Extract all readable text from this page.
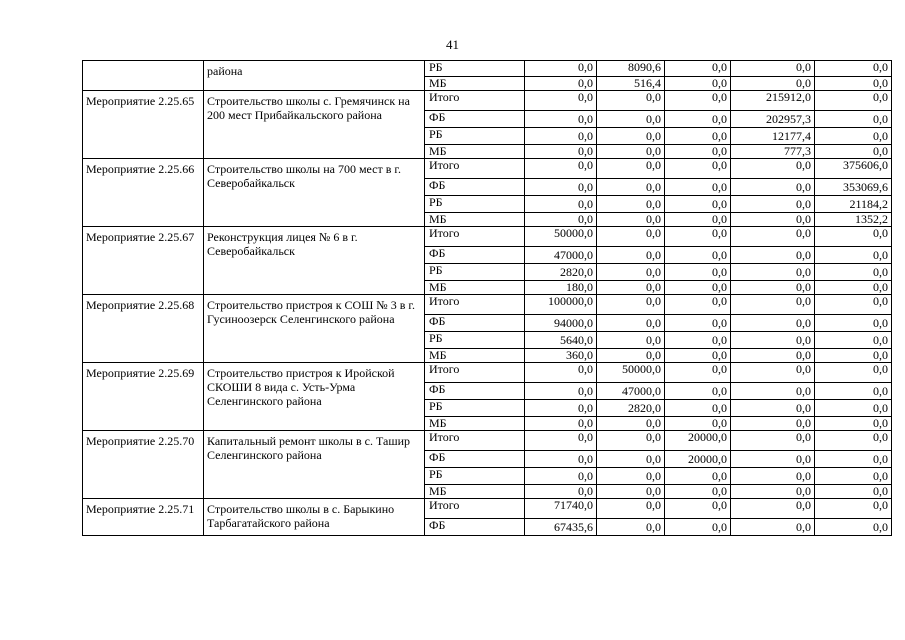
41
	района	РБ	0,0	8090,6	0,0	0,0	0,0
		МБ	0,0	516,4	0,0	0,0	0,0
Мероприятие 2.25.65	Строительство школы с. Гремячинск на 200 мест Прибайкальского района	Итого	0,0	0,0	0,0	215912,0	0,0
		ФБ	0,0	0,0	0,0	202957,3	0,0
		РБ	0,0	0,0	0,0	12177,4	0,0
		МБ	0,0	0,0	0,0	777,3	0,0
Мероприятие 2.25.66	Строительство школы на 700 мест в г. Северобайкальск	Итого	0,0	0,0	0,0	0,0	375606,0
		ФБ	0,0	0,0	0,0	0,0	353069,6
		РБ	0,0	0,0	0,0	0,0	21184,2
		МБ	0,0	0,0	0,0	0,0	1352,2
Мероприятие 2.25.67	Реконструкция лицея № 6 в г. Северобайкальск	Итого	50000,0	0,0	0,0	0,0	0,0
		ФБ	47000,0	0,0	0,0	0,0	0,0
		РБ	2820,0	0,0	0,0	0,0	0,0
		МБ	180,0	0,0	0,0	0,0	0,0
Мероприятие 2.25.68	Строительство пристроя к СОШ № 3 в г. Гусиноозерск Селенгинского района	Итого	100000,0	0,0	0,0	0,0	0,0
		ФБ	94000,0	0,0	0,0	0,0	0,0
		РБ	5640,0	0,0	0,0	0,0	0,0
		МБ	360,0	0,0	0,0	0,0	0,0
Мероприятие 2.25.69	Строительство пристроя к Иройской СКОШИ 8 вида с. Усть-Урма Селенгинского района	Итого	0,0	50000,0	0,0	0,0	0,0
		ФБ	0,0	47000,0	0,0	0,0	0,0
		РБ	0,0	2820,0	0,0	0,0	0,0
		МБ	0,0	0,0	0,0	0,0	0,0
Мероприятие 2.25.70	Капитальный ремонт школы в с. Ташир Селенгинского района	Итого	0,0	0,0	20000,0	0,0	0,0
		ФБ	0,0	0,0	20000,0	0,0	0,0
		РБ	0,0	0,0	0,0	0,0	0,0
		МБ	0,0	0,0	0,0	0,0	0,0
Мероприятие 2.25.71	Строительство школы в с. Барыкино Тарбагатайского района	Итого	71740,0	0,0	0,0	0,0	0,0
		ФБ	67435,6	0,0	0,0	0,0	0,0
